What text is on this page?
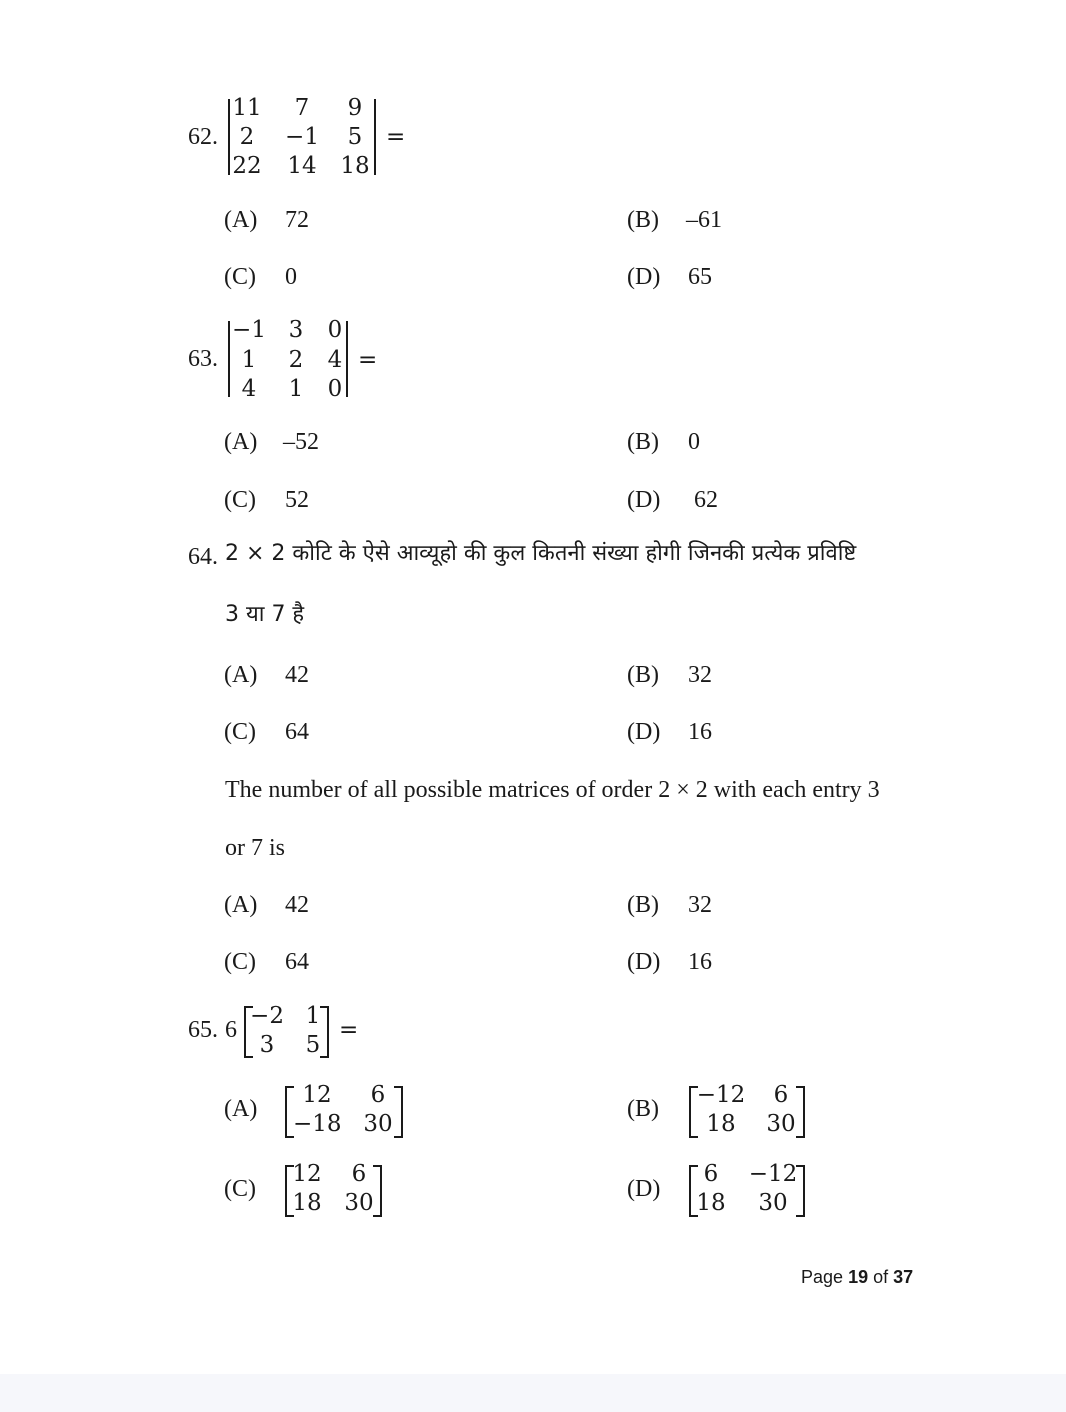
62.
11	7	9
2	−1	5
22 14 18
=
(A) 72	(B) –61
(C) 0	(D) 65
63.
−1 3 0
1	2 4
4	1 0
=
(A) –52	(B) 0
(C) 52	(D) 62
64. 2 × 2 कोटि के ऐसे आव्यूहो की कुल कितनी संख्या होगी जिनकी प्रत्येक प्रविष्टि
3 या 7 है
(A) 42	(B) 32
(C) 64	(D) 16
The number of all possible matrices of order 2 × 2 with each entry 3
or 7 is
(A) 42	(B) 32
(C) 64	(D) 16
65. 6
−2 1
3 5
=
(A)
12	6
−18 30
(B)
−12	6
18	30
(C)
12	6
18 30
(D)
6	−12
18 30
Page 19 of 37
